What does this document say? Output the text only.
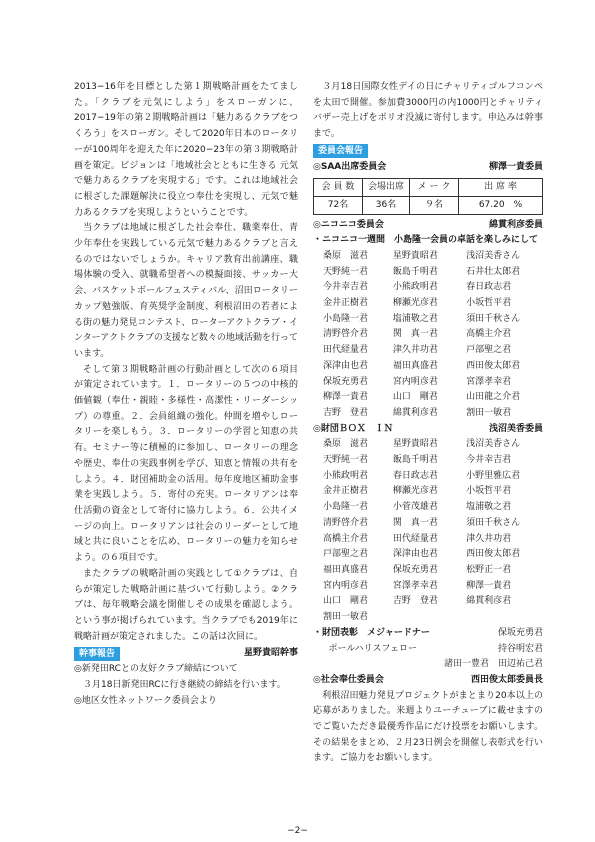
2013−16年を目標とした第１期戦略計画をたてました。「クラブを元気にしよう」をスローガンに、2017−19年の第２期戦略計画は「魅力あるクラブをつくろう」をスローガン。そして2020年日本のロータリーが100周年を迎えた年に2020−23年の第３期戦略計画を策定。ビジョンは「地域社会とともに生きる 元気で魅力あるクラブを実現する」です。これは地域社会に根ざした課題解決に役立つ奉仕を実現し、元気で魅力あるクラブを実現しようということです。

当クラブは地域に根ざした社会奉仕、職業奉仕、青少年奉仕を実践している元気で魅力あるクラブと言えるのではないでしょうか。キャリア教育出前講座、職場体験の受入、就職希望者への模擬面接、サッカー大会、バスケットボールフェスティバル、沼田ロータリーカップ勉強版、育英奨学金制度、利根沼田の若者による街の魅力発見コンテスト、ローターアクトクラブ・インターアクトクラブの支援など数々の地域活動を行っています。

そして第３期戦略計画の行動計画として次の６項目が策定されています。１．ロータリーの５つの中核的価値観（奉仕・親睦・多様性・高潔性・リーダーシップ）の尊重。２．会員組織の強化。仲間を増やしロータリーを楽しもう。３．ロータリーの学習と知恵の共有。セミナー等に積極的に参加し、ロータリーの理念や歴史、奉仕の実践事例を学び、知恵と情報の共有をしよう。４．財団補助金の活用。毎年度地区補助金事業を実践しよう。５．寄付の充実。ロータリアンは奉仕活動の資金として寄付に協力しよう。６．公共イメージの向上。ロータリアンは社会のリーダーとして地域と共に良いことを広め、ロータリーの魅力を知らせよう。の６項目です。

またクラブの戦略計画の実践として①クラブは、自らが策定した戦略計画に基づいて行動しよう。②クラブは、毎年戦略会議を開催しその成果を確認しよう。という事が掲げられています。当クラブでも2019年に戦略計画が策定されました。この話は次回に。

幹事報告	星野貴昭幹事

◎新発田RCとの友好クラブ締結について

　３月18日新発田RCに行き継続の締結を行います。

◎地区女性ネットワーク委員会より

　３月18日国際女性デイの日にチャリティゴルフコンペを太田で開催。参加費3000円の内1000円とチャリティバザー売上げをポリオ没滅に寄付します。申込みは幹事まで。

委員会報告
◎SAA出席委員会	柳澤一貴委員
会 員 数	会場出席	メ ー ク	出 席 率
72名	36名	９名	67.20　%
◎ニコニコ委員会	綿貫利彦委員

・ニコニコ一週間　小島隆一会員の卓話を楽しみにして

桑原　滋君	星野貴昭君	浅沼美香さん
天野純一君	飯島千明君	石井壮太郎君
今井幸吉君	小熊政明君	春日政志君
金井正樹君	柳瀬光彦君	小坂哲平君
小島隆一君	塩浦敬之君	須田千秋さん
清野啓介君	関　真一君	高橋主介君
田代経量君	津久井功君	戸部聖之君
深津由也君	福田真盛君	西田俊太郎君
保坂充勇君	宮内明彦君	宮澤孝幸君
柳澤一貴君	山口　剛君	山田龍之介君
吉野　登君	綿貫利彦君	割田一敏君
◎財団ＢＯＸ　ＩＮ	浅沼美香委員
桑原　滋君	星野貴昭君	浅沼美香さん
天野純一君	飯島千明君	今井幸吉君
小熊政明君	春日政志君	小野里雅広君
金井正樹君	柳瀬光彦君	小坂哲平君
小島隆一君	小菅茂雄君	塩浦敬之君
清野啓介君	関　真一君	須田千秋さん
高橋主介君	田代経量君	津久井功君
戸部聖之君	深津由也君	西田俊太郎君
福田真盛君	保坂充勇君	松野正一君
宮内明彦君	宮澤孝幸君	柳澤一貴君
山口　剛君	吉野　登君	綿貫利彦君
割田一敏君
・財団表彰　メジャードナー	保坂充勇君
ポールハリスフェロー	持谷明宏君
諸田一豊君　田辺祐己君
◎社会奉仕委員会	西田俊太郎委員長

　利根沼田魅力発見プロジェクトがまとまり20本以上の応募がありました。来週よりユーチューブに載せますのでご覧いただき最優秀作品にだけ投票をお願いします。その結果をまとめ、２月23日例会を開催し表彰式を行います。ご協力をお願いします。

−2−
